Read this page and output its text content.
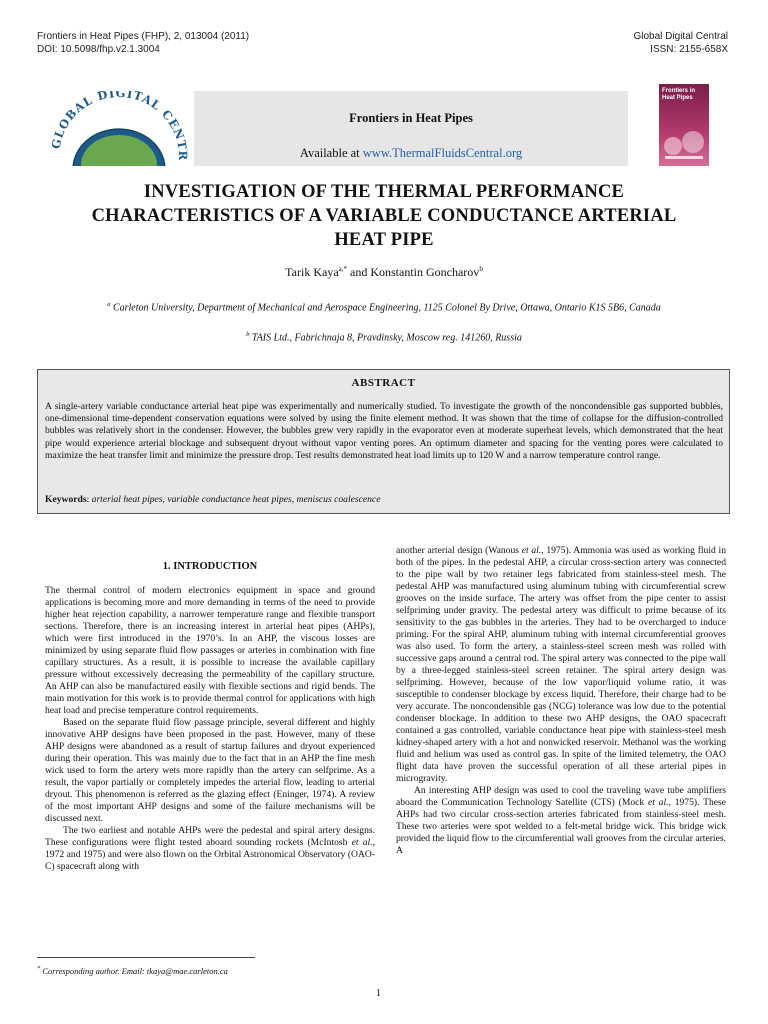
Frontiers in Heat Pipes (FHP), 2, 013004 (2011)
DOI: 10.5098/fhp.v2.1.3004
Global Digital Central
ISSN: 2155-658X
GLOBAL DIGITAL CENTR
Frontiers in Heat Pipes
Available at www.ThermalFluidsCentral.org
Frontiers in Heat Pipes
INVESTIGATION OF THE THERMAL PERFORMANCE
CHARACTERISTICS OF A VARIABLE CONDUCTANCE ARTERIAL
HEAT PIPE
Tarik Kaya$^{a,*}$ and Konstantin Goncharov$^b$
$^a$ Carleton University, Department of Mechanical and Aerospace Engineering, 1125 Colonel By Drive, Ottawa, Ontario K1S 5B6, Canada
$^b$ TAIS Ltd., Fabrichnaja 8, Pravdinsky, Moscow reg. 141260, Russia
ABSTRACT
A single-artery variable conductance arterial heat pipe was experimentally and numerically studied. To investigate the growth of the noncondensible gas supported bubbles, one-dimensional time-dependent conservation equations were solved by using the finite element method. It was shown that the time of collapse for the diffusion-controlled bubbles was relatively short in the condenser. However, the bubbles grew very rapidly in the evaporator even at moderate superheat levels, which demonstrated that the heat pipe would experience arterial blockage and subsequent dryout without vapor venting pores. An optimum diameter and spacing for the venting pores were calculated to maximize the heat transfer limit and minimize the pressure drop. Test results demonstrated heat load limits up to 120 W and a narrow temperature control range.
Keywords: arterial heat pipes, variable conductance heat pipes, meniscus coalescence
1. INTRODUCTION

The thermal control of modern electronics equipment in space and ground applications is becoming more and more demanding in terms of the need to provide higher heat rejection capability, a narrower temperature range and flexible transport sections. Therefore, there is an increasing interest in arterial heat pipes (AHPs), which were first introduced in the 1970’s. In an AHP, the viscous losses are minimized by using separate fluid flow passages or arteries in combination with fine capillary structures. As a result, it is possible to increase the available capillary pressure without excessively decreasing the permeability of the capillary structure. An AHP can also be manufactured easily with flexible sections and rigid bends. The main motivation for this work is to provide thermal control for applications with high heat load and precise temperature control requirements.

Based on the separate fluid flow passage principle, several different and highly innovative AHP designs have been proposed in the past. However, many of these AHP designs were abandoned as a result of startup failures and dryout experienced during their operation. This was mainly due to the fact that in an AHP the fine mesh wick used to form the artery wets more rapidly than the artery can selfprime. As a result, the vapor partially or completely impedes the arterial flow, leading to arterial dryout. This phenomenon is referred as the glazing effect (Eninger, 1974). A review of the most important AHP designs and some of the failure mechanisms will be discussed next.

The two earliest and notable AHPs were the pedestal and spiral artery designs. These configurations were flight tested aboard sounding rockets (McIntosh et al., 1972 and 1975) and were also flown on the Orbital Astronomical Observatory (OAO-C) spacecraft along with

another arterial design (Wanous et al., 1975). Ammonia was used as working fluid in both of the pipes. In the pedestal AHP, a circular cross-section artery was connected to the pipe wall by two retainer legs fabricated from stainless-steel mesh. The pedestal AHP was manufactured using aluminum tubing with circumferential screw grooves on the inside surface. The artery was offset from the pipe center to assist selfpriming under gravity. The pedestal artery was difficult to prime because of its sensitivity to the gas bubbles in the arteries. They had to be overcharged to induce priming. For the spiral AHP, aluminum tubing with internal circumferential grooves was also used. To form the artery, a stainless-steel screen mesh was rolled with successive gaps around a central rod. The spiral artery was connected to the pipe wall by a three-legged stainless-steel screen retainer. The spiral artery design was selfpriming. However, because of the low vapor/liquid volume ratio, it was susceptible to condenser blockage by excess liquid. Therefore, their charge had to be very accurate. The noncondensible gas (NCG) tolerance was low due to the potential condenser blockage. In addition to these two AHP designs, the OAO spacecraft contained a gas controlled, variable conductance heat pipe with stainless-steel mesh kidney-shaped artery with a hot and nonwicked reservoir. Methanol was the working fluid and helium was used as control gas. In spite of the limited telemetry, the OAO flight data have proven the successful operation of all these arterial pipes in microgravity.

An interesting AHP design was used to cool the traveling wave tube amplifiers aboard the Communication Technology Satellite (CTS) (Mock et al., 1975). These AHPs had two circular cross-section arteries fabricated from stainless-steel mesh. These two arteries were spot welded to a felt-metal bridge wick. This bridge wick provided the liquid flow to the circumferential wall grooves from the circular arteries. A

* Corresponding author. Email: tkaya@mae.carleton.ca
1
